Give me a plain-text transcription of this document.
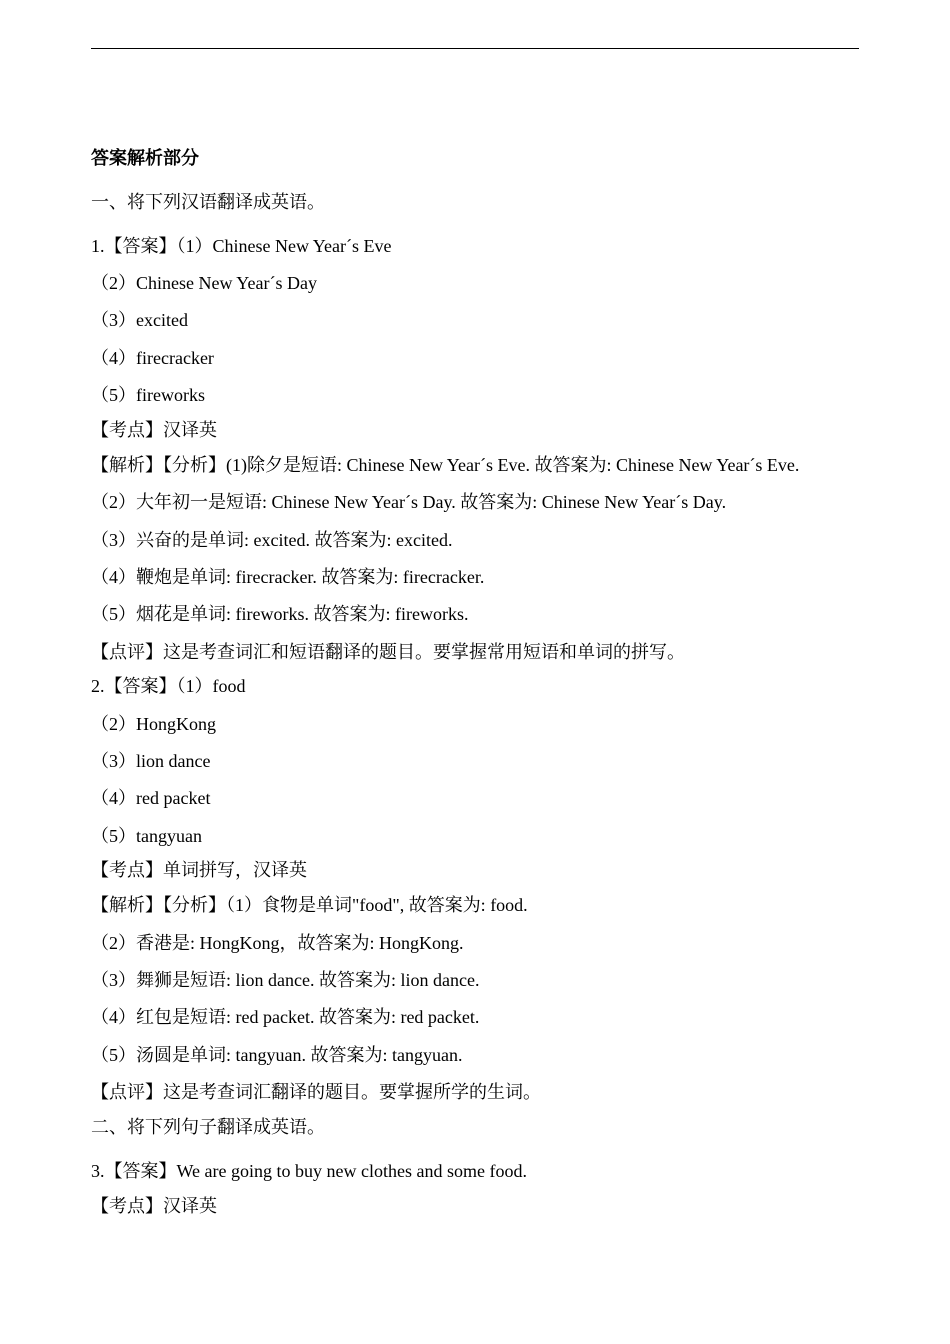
答案解析部分
一、将下列汉语翻译成英语。
1.【答案】（1）Chinese New Year´s Eve
（2）Chinese New Year´s Day
（3）excited
（4）firecracker
（5）fireworks
【考点】汉译英
【解析】【分析】(1)除夕是短语: Chinese New Year´s Eve. 故答案为: Chinese New Year´s Eve.
（2）大年初一是短语: Chinese New Year´s Day. 故答案为: Chinese New Year´s Day.
（3）兴奋的是单词: excited. 故答案为: excited.
（4）鞭炮是单词: firecracker. 故答案为: firecracker.
（5）烟花是单词: fireworks. 故答案为: fireworks.
【点评】这是考查词汇和短语翻译的题目。要掌握常用短语和单词的拼写。
2.【答案】（1）food
（2）HongKong
（3）lion dance
（4）red packet
（5）tangyuan
【考点】单词拼写，汉译英
【解析】【分析】（1）食物是单词"food", 故答案为: food.
（2）香港是: HongKong，故答案为: HongKong.
（3）舞狮是短语: lion dance. 故答案为: lion dance.
（4）红包是短语: red packet. 故答案为: red packet.
（5）汤圆是单词: tangyuan. 故答案为: tangyuan.
【点评】这是考查词汇翻译的题目。要掌握所学的生词。
二、将下列句子翻译成英语。
3.【答案】We are going to buy new clothes and some food.
【考点】汉译英
